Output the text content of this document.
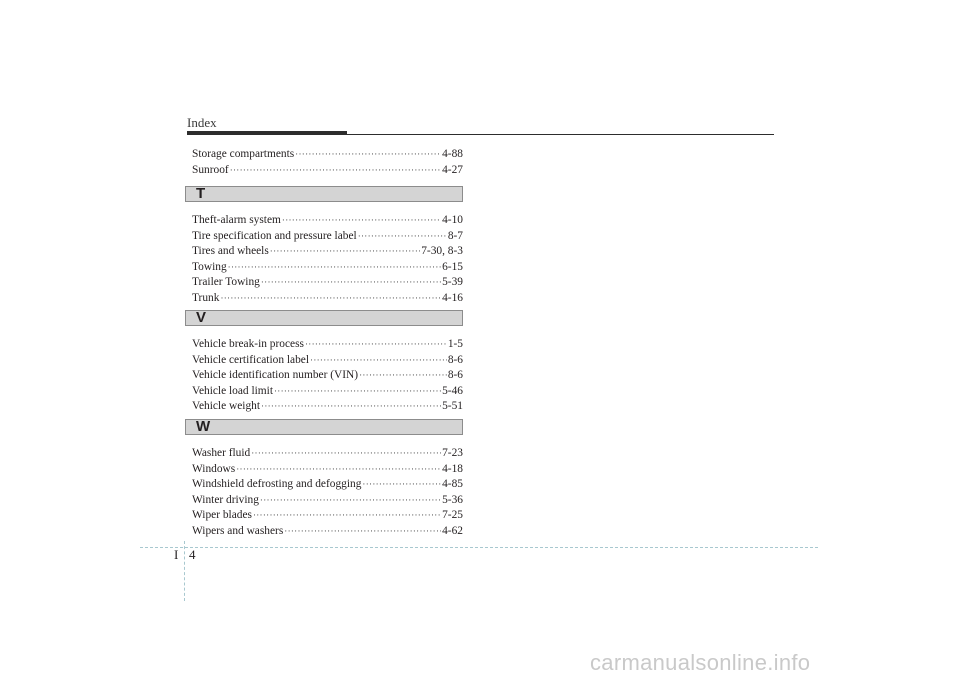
Index
Storage compartments ·····	4-88
Sunroof ·····	4-27
T
Theft-alarm system ·····	4-10
Tire specification and pressure label ·····	8-7
Tires and wheels ·····	7-30, 8-3
Towing ·····	6-15
Trailer Towing ·····	5-39
Trunk ·····	4-16
V
Vehicle break-in process ·····	1-5
Vehicle certification label ·····	8-6
Vehicle identification number (VIN) ·····	8-6
Vehicle load limit ·····	5-46
Vehicle weight ·····	5-51
W
Washer fluid ·····	7-23
Windows ·····	4-18
Windshield defrosting and defogging ·····	4-85
Winter driving ·····	5-36
Wiper blades ·····	7-25
Wipers and washers ·····	4-62
I 4
carmanualsonline.info
